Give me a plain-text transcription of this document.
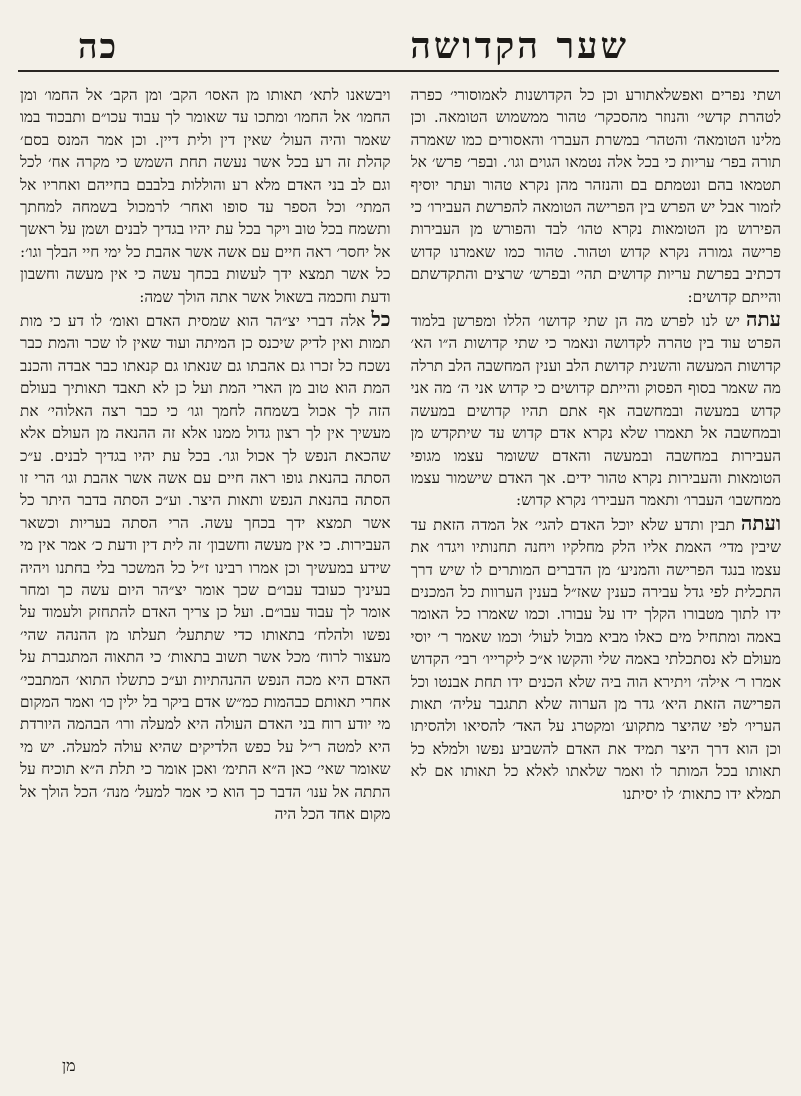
כה	שער הקדושה

ושתי נפרים ואפשלאתורע וכן כל הקדושנות לאמוסורי׳ כפרה לטהרת קדשי׳ והנוזר מהסכקר׳ טהור ממשמוש הטומאה. וכן מלינו הטומאה׳ והטהר׳ במשרת העברו׳ והאסורים כמו שאמרה תורה בפר׳ עריות כי בכל אלה נטמאו הגוים וגו׳. ובפר׳ פרש׳ אל תטמאו בהם ונטמתם בם והנזהר מהן נקרא טהור ועתר יוסיף לזמור אבל יש הפרש בין הפרישה הטומאה להפרשת העבירו׳ כי הפירוש מן הטומאות נקרא טהו׳ לבד והפורש מן העבירות פרישה גמורה נקרא קדוש וטהור. טהור כמו שאמרנו קדוש דכתיב בפרשת עריות קדושים תהי׳ ובפרש׳ שרצים והתקדשתם והייתם קדושים:

עתהיש לנו לפרש מה הן שתי קדושו׳ הללו ומפרשן בלמוד הפרט עוד בין טהרה לקדושה ונאמר כי שתי קדושות ה״ו הא׳ קדושות המעשה והשנית קדושת הלב וענין המחשבה הלב תרלה מה שאמר בסוף הפסוק והייתם קדושים כי קדוש אני ה׳ מה אני קדוש במעשה ובמחשבה אף אתם תהיו קדושים במעשה ובמחשבה אל תאמרו שלא נקרא אדם קדוש עד שיתקדש מן העבירות במחשבה ובמעשה והאדם ששומר עצמו מגופי הטומאות והעבירות נקרא טהור ידים. אך האדם שישמור עצמו ממחשבו׳ העברו׳ ותאמר העבירו׳ נקרא קדוש:

ועתהתבין ותדע שלא יוכל האדם להגי׳ אל המדה הזאת עד שיבין מדי׳ האמת אליו הלק מחלקיו ויחנה תחנותיו ויגדו׳ את עצמו בנגד הפרישה והמניע׳ מן הדברים המותרים לו שיש דרך התכלית לפי גדל עבירה כענין שאז״ל בענין הערוות כל המכנים ידו לתוך מטבורו הקלך ידו על עבורו. וכמו שאמרו כל האומר באמה ומתחיל מים כאלו מביא מבול לעול׳ וכמו שאמר ר׳ יוסי מעולם לא נסתכלתי באמה שלי והקשו א״כ ליקרייו׳ רבי׳ הקדוש אמרו ר׳ אילה׳ ויתירא הוה ביה שלא הכנים ידו תחת אבנטו וכל הפרישה הזאת היא׳ גדר מן הערוה שלא תתגבר עליה׳ תאות העריו׳ לפי שהיצר מתקוע׳ ומקטרג על האד׳ להסיאו ולהסיתו וכן הוא דרך היצר תמיד את האדם להשביע נפשו ולמלא כל תאותו בכל המותר לו ואמר שלאתו לאלא כל תאותו אם לא תמלא ידו כתאות׳ לו יסיתנו

ויבשאנו לתא׳ תאותו מן האסו׳ הקב׳ ומן הקב׳ אל החמו׳ ומן החמו׳ אל החמו׳ ומתכו עד שאומר לך עבוד עכו״ם ותבכוד במו שאמר והיה העול׳ שאין דין ולית דיין. וכן אמר המנס בסם׳ קהלת זה רע בכל אשר נעשה תחת השמש כי מקרה אח׳ לכל וגם לב בני האדם מלא רע והוללות בלבבם בחייהם ואחריו אל המתי׳ וכל הספר עד סופו ואחר׳ לרמכול בשמחה למחתך ותשמח בכל טוב ויקר בכל עת יהיו בגדיך לבנים ושמן על ראשך אל יחסר׳ ראה חיים עם אשה אשר אהבת כל ימי חיי הבלך וגו׳: כל אשר תמצא ידך לעשות בכחך עשה כי אין מעשה וחשבון ודעת וחכמה בשאול אשר אתה הולך שמה:

כלאלה דברי יצ״הר הוא שמסית האדם ואומ׳ לו דע כי מות תמות ואין לדיק שיכנס כן המיתה ועוד שאין לו שכר והמת כבר נשכח כל זכרו גם אהבתו גם שנאתו גם קנאתו כבר אבדה והכנב המת הוא טוב מן הארי המת ועל כן לא תאבד תאותיך בעולם הזה לך אכול בשמחה לחמך וגו׳ כי כבר רצה האלוהי׳ את מעשיך אין לך רצון גדול ממנו אלא זה ההנאה מן העולם אלא שהכאת הנפש לך אכול וגו׳. בכל עת יהיו בגדיך לבנים. ע״כ הסתה בהנאת גופו ראה חיים עם אשה אשר אהבת וגו׳ הרי זו הסתה בהנאת הנפש ותאות היצר. וע״כ הסתה בדבר היתר כל אשר תמצא ידך בכחך עשה. הרי הסתה בעריות וכשאר העבירות. כי אין מעשה וחשבון׳ זה לית דין ודעת כ׳ אמר אין מי שידע במעשיך וכן אמרו רבינו ז״ל כל המשכר בלי בחתנו ויהיה בעיניך כעובד עבו״ם שכך אומר יצ״הר היום עשה כך ומחר אומר לך עבוד עבו״ם. ועל כן צריך האדם להתחזק ולעמוד על נפשו ולהלח׳ בתאותו כדי שתתעל׳ תעלתו מן ההנהה שהי׳ מעצור לרוח׳ מכל אשר תשוב בתאות׳ כי התאוה המתגברת על האדם היא מכה הנפש ההנהתיות וע״כ כתשלו התוא׳ המתבכי׳ אחרי תאותם כבהמות כמ״ש אדם ביקר בל ילין כו׳ ואמר המקום מי יודע רוח בני האדם העולה היא למעלה ורו׳ הבהמה היורדת היא למטה ר״ל על כפש הלדיקים שהיא עולה למעלה. יש מי שאומר שאי׳ כאן ה״א התימ׳ ואכן אומר כי תלת ה״א תוכיח על התתה אל ענו׳ הדבר כך הוא כי אמר למעל׳ מנה׳ הכל הולך אל מקום אחד הכל היה

מן
